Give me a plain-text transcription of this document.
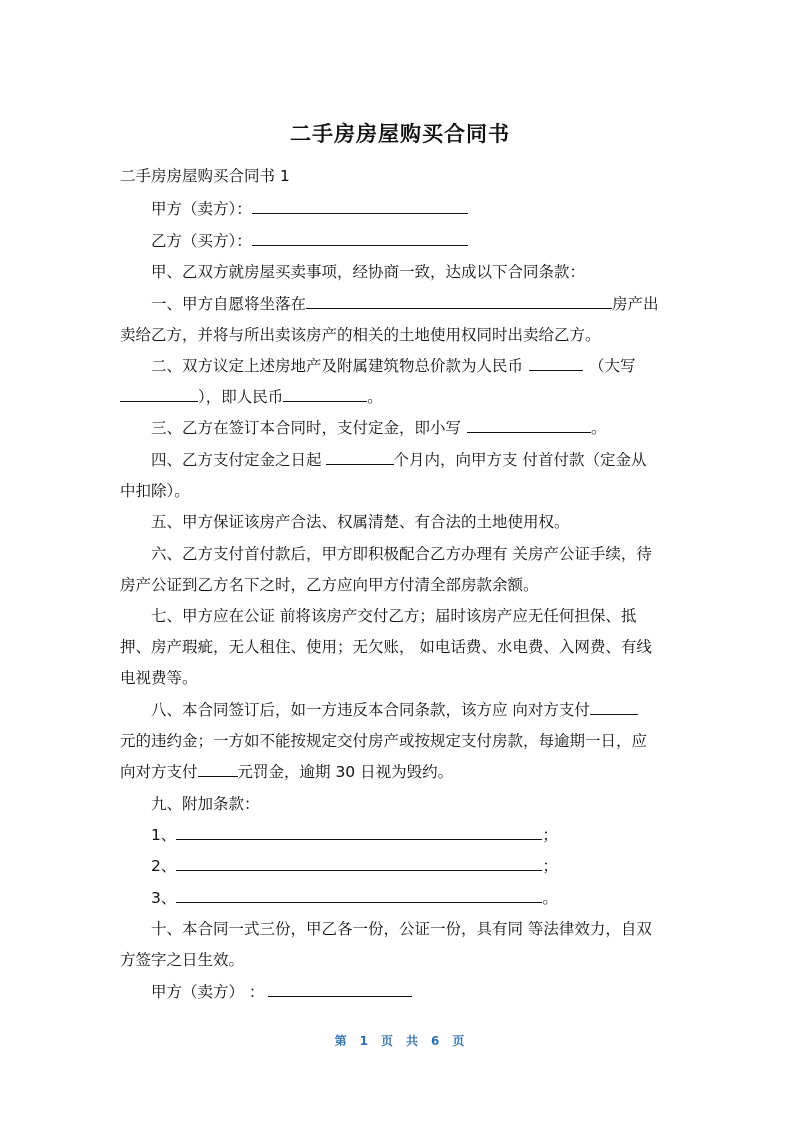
二手房房屋购买合同书
二手房房屋购买合同书 1
甲方（卖方）：
乙方（买方）：
甲、乙双方就房屋买卖事项，经协商一致，达成以下合同条款：
一、甲方自愿将坐落在	房产出
卖给乙方，并将与所出卖该房产的相关的土地使用权同时出卖给乙方。
二、双方议定上述房地产及附属建筑物总价款为人民币	（大写
），即人民币	。
三、乙方在签订本合同时，支付定金，即小写	。
四、乙方支付定金之日起	个月内，向甲方支 付首付款（定金从
中扣除）。
五、甲方保证该房产合法、权属清楚、有合法的土地使用权。
六、乙方支付首付款后，甲方即积极配合乙方办理有 关房产公证手续，待
房产公证到乙方名下之时，乙方应向甲方付清全部房款余额。
七、甲方应在公证 前将该房产交付乙方；届时该房产应无任何担保、抵
押、房产瑕疵，无人租住、使用；无欠账， 如电话费、水电费、入网费、有线
电视费等。
八、本合同签订后，如一方违反本合同条款，该方应 向对方支付
元的违约金；一方如不能按规定交付房产或按规定支付房款，每逾期一日，应
向对方支付	元罚金，逾期 30 日视为毁约。
九、附加条款：
1、	；
2、	；
3、	。
十、本合同一式三份，甲乙各一份，公证一份，具有同 等法律效力，自双
方签字之日生效。
甲方（卖方） ：
第 1 页 共 6 页
